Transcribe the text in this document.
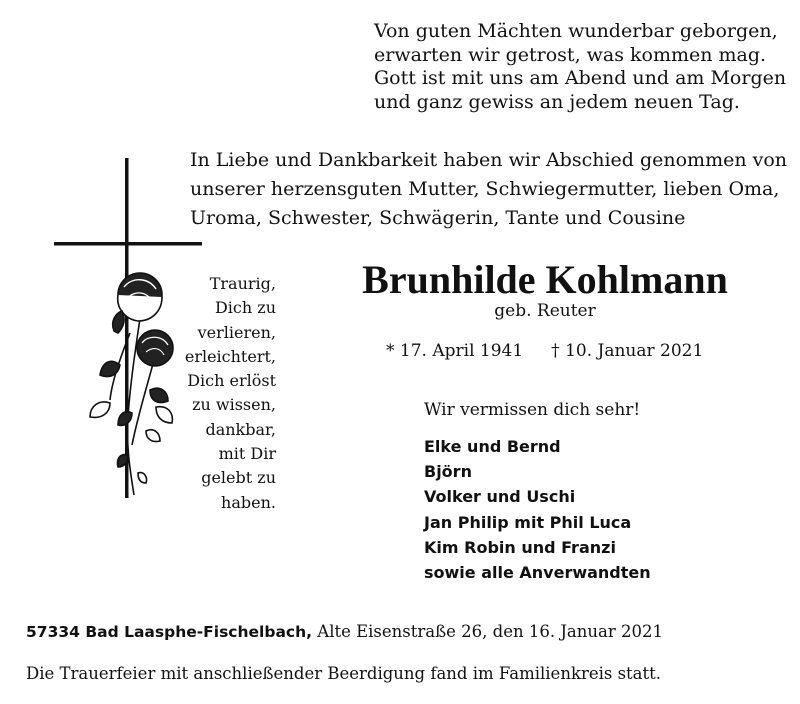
Von guten Mächten wunderbar geborgen,
erwarten wir getrost, was kommen mag.
Gott ist mit uns am Abend und am Morgen
und ganz gewiss an jedem neuen Tag.
In Liebe und Dankbarkeit haben wir Abschied genommen von
unserer herzensguten Mutter, Schwiegermutter, lieben Oma,
Uroma, Schwester, Schwägerin, Tante und Cousine
Traurig,
Dich zu
verlieren,
erleichtert,
Dich erlöst
zu wissen,
dankbar,
mit Dir
gelebt zu
haben.
Brunhilde Kohlmann
geb. Reuter
* 17. April 1941 † 10. Januar 2021
Wir vermissen dich sehr!
Elke und Bernd
Björn
Volker und Uschi
Jan Philip mit Phil Luca
Kim Robin und Franzi
sowie alle Anverwandten
57334 Bad Laasphe-Fischelbach, Alte Eisenstraße 26, den 16. Januar 2021
Die Trauerfeier mit anschließender Beerdigung fand im Familienkreis statt.
